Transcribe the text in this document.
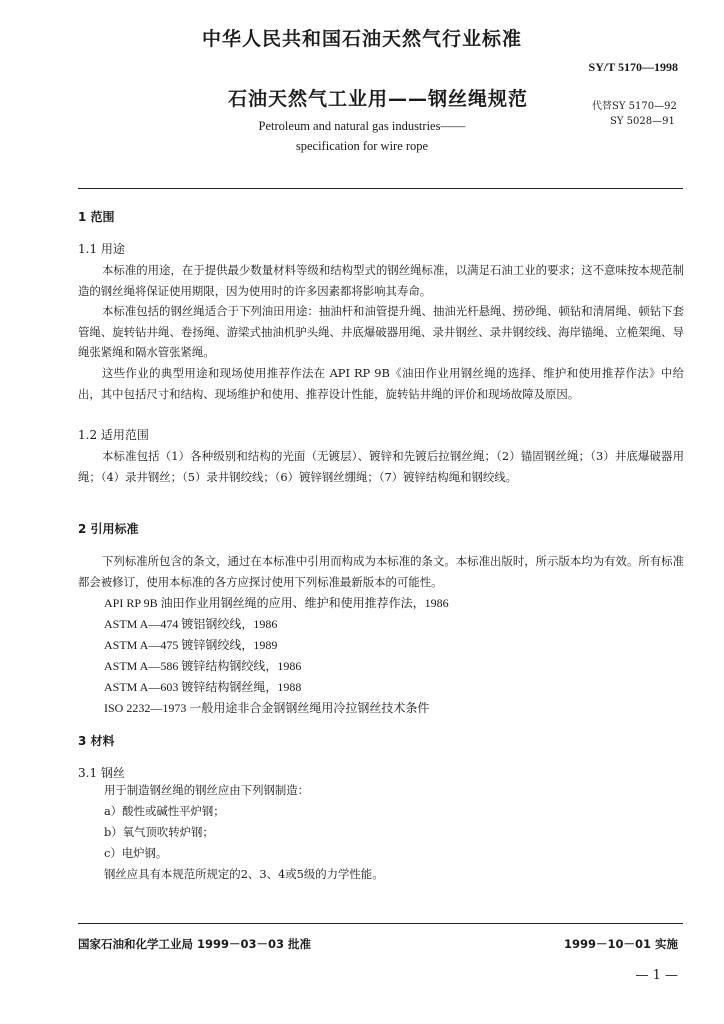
中华人民共和国石油天然气行业标准
SY/T 5170—1998
石油天然气工业用——钢丝绳规范	代替SY 5170—92
SY 5028—91
Petroleum and natural gas industries——
specification for wire rope
1 范围
1.1 用途
本标准的用途，在于提供最少数量材料等级和结构型式的钢丝绳标准，以满足石油工业的要求；这不意味按本规范制造的钢丝绳将保证使用期限，因为使用时的许多因素都将影响其寿命。
本标准包括的钢丝绳适合于下列油田用途：抽油杆和油管提升绳、抽油光杆悬绳、捞砂绳、顿钻和清屑绳、顿钻下套管绳、旋转钻井绳、卷扬绳、游梁式抽油机驴头绳、井底爆破器用绳、录井钢丝、录井钢绞线、海岸锚绳、立桅架绳、导绳张紧绳和隔水管张紧绳。
这些作业的典型用途和现场使用推荐作法在 API RP 9B《油田作业用钢丝绳的选择、维护和使用推荐作法》中给出，其中包括尺寸和结构、现场维护和使用、推荐设计性能，旋转钻井绳的评价和现场故障及原因。
1.2 适用范围
本标准包括（1）各种级别和结构的光面（无镀层）、镀锌和先镀后拉钢丝绳；（2）锚固钢丝绳；（3）井底爆破器用绳；（4）录井钢丝；（5）录井钢绞线；（6）镀锌钢丝绷绳；（7）镀锌结构绳和钢绞线。
2 引用标准
下列标准所包含的条文，通过在本标准中引用而构成为本标准的条文。本标准出版时，所示版本均为有效。所有标准都会被修订，使用本标准的各方应探讨使用下列标准最新版本的可能性。
API RP 9B 油田作业用钢丝绳的应用、维护和使用推荐作法，1986
ASTM A—474 镀铝钢绞线，1986
ASTM A—475 镀锌钢绞线，1989
ASTM A—586 镀锌结构钢绞线，1986
ASTM A—603 镀锌结构钢丝绳，1988
ISO 2232—1973 一般用途非合金钢钢丝绳用冷拉钢丝技术条件
3 材料
3.1 钢丝
用于制造钢丝绳的钢丝应由下列钢制造：
a）酸性或碱性平炉钢；
b）氧气顶吹转炉钢；
c）电炉钢。
钢丝应具有本规范所规定的2、3、4或5级的力学性能。
国家石油和化学工业局 1999－03－03 批准	1999－10－01 实施
— 1 —
